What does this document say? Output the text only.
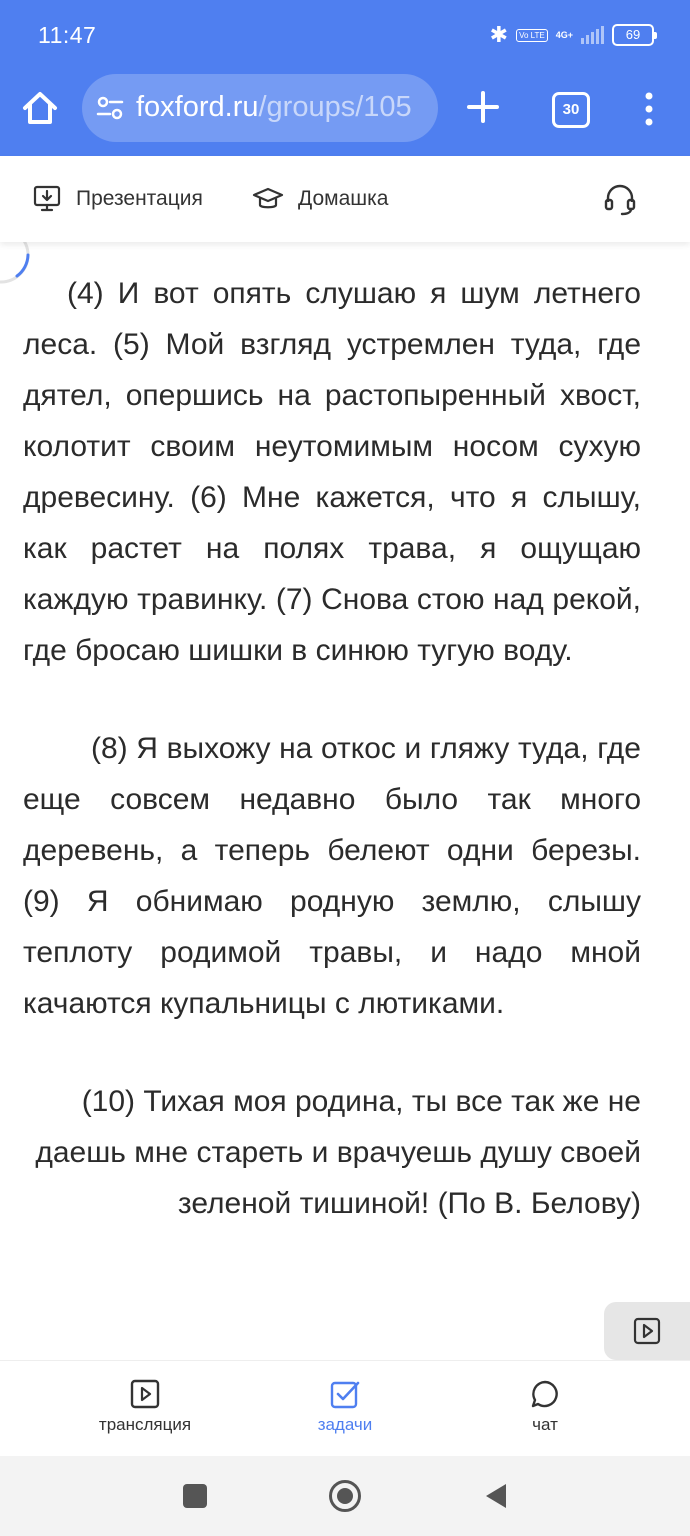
11:47	✱	Vo LTE	4G+	69
foxford.ru/groups/105	30
Презентация	Домашка

(4) И вот опять слушаю я шум летнего леса. (5) Мой взгляд устремлен туда, где дятел, опершись на растопыренный хвост, колотит своим неутомимым носом сухую древесину. (6) Мне кажется, что я слышу, как растет на полях трава, я ощущаю каждую травинку. (7) Снова стою над рекой, где бросаю шишки в синюю тугую воду.

(8) Я выхожу на откос и гляжу туда, где еще совсем недавно было так много деревень, а теперь белеют одни березы. (9) Я обнимаю родную землю, слышу теплоту родимой травы, и надо мной качаются купальницы с лютиками.

(10) Тихая моя родина, ты все так же не даешь мне стареть и врачуешь душу своей зеленой тишиной! (По В. Белову)

трансляция	задачи	чат
